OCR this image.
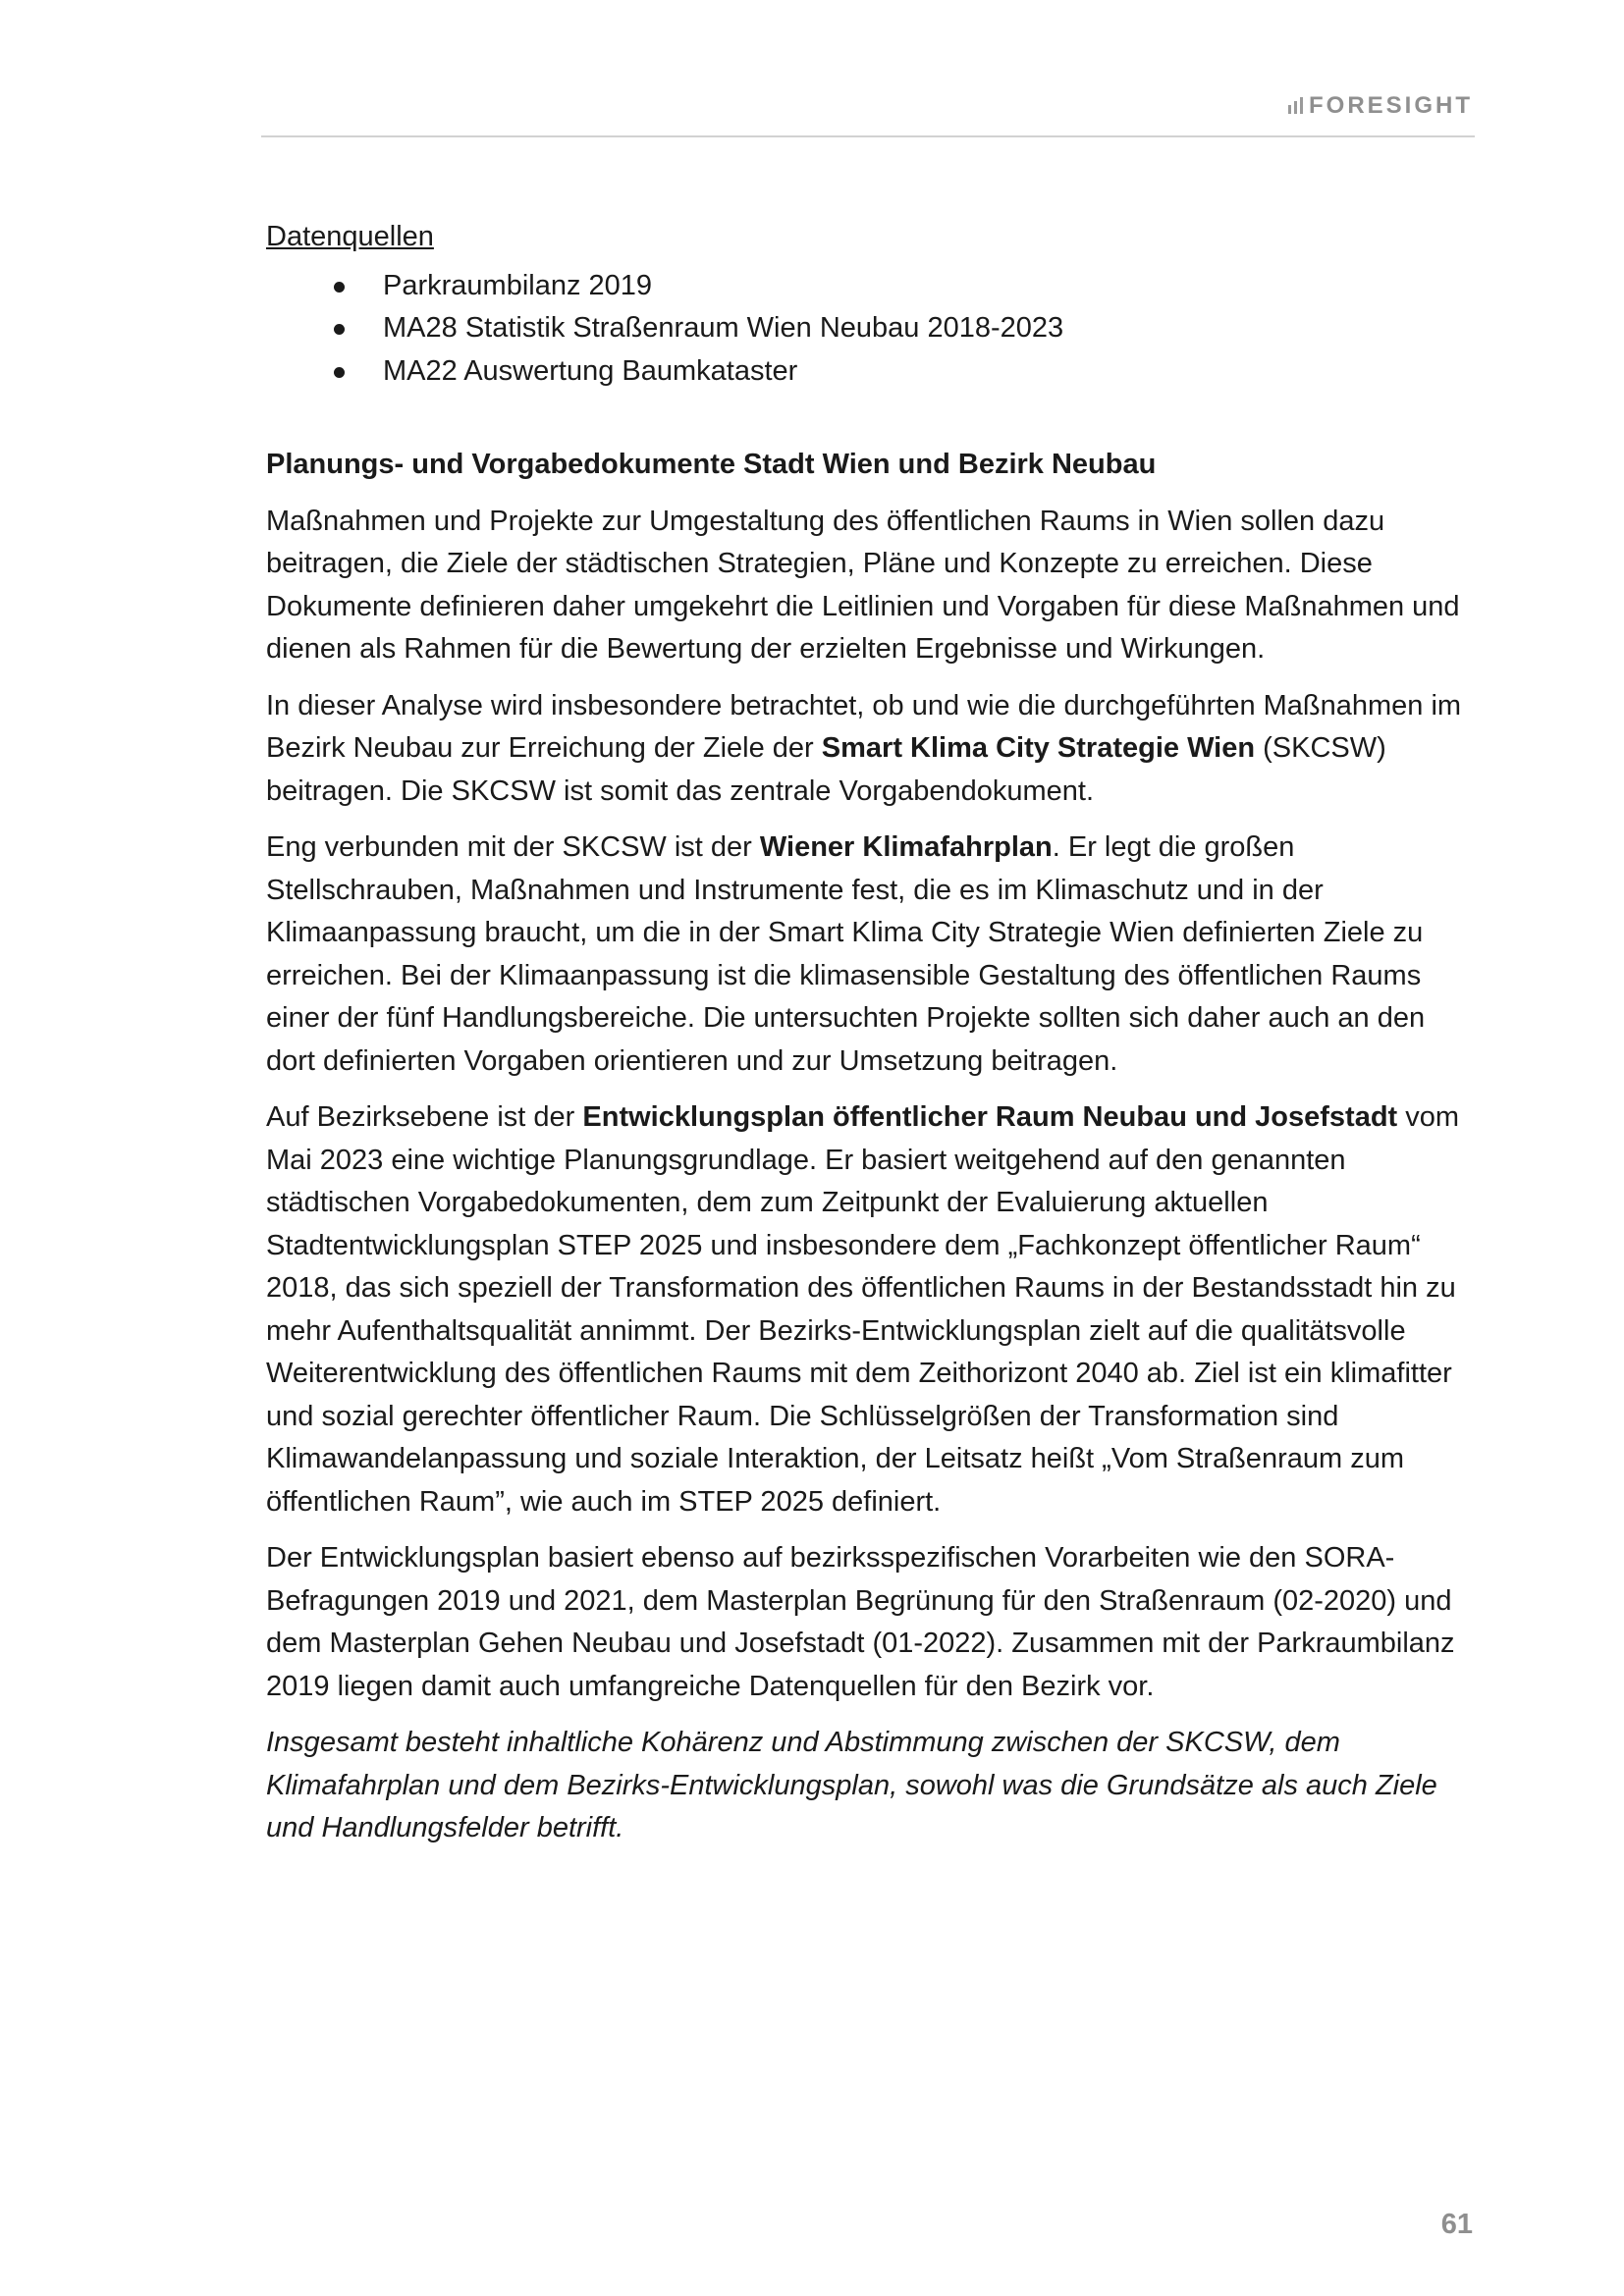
FORESIGHT

Datenquellen

Parkraumbilanz 2019
MA28 Statistik Straßenraum Wien Neubau 2018-2023
MA22 Auswertung Baumkataster

Planungs- und Vorgabedokumente Stadt Wien und Bezirk Neubau

Maßnahmen und Projekte zur Umgestaltung des öffentlichen Raums in Wien sollen dazu beitragen, die Ziele der städtischen Strategien, Pläne und Konzepte zu erreichen. Diese Dokumente definieren daher umgekehrt die Leitlinien und Vorgaben für diese Maßnahmen und dienen als Rahmen für die Bewertung der erzielten Ergebnisse und Wirkungen.

In dieser Analyse wird insbesondere betrachtet, ob und wie die durchgeführten Maßnahmen im Bezirk Neubau zur Erreichung der Ziele der Smart Klima City Strategie Wien (SKCSW) beitragen. Die SKCSW ist somit das zentrale Vorgabendokument.

Eng verbunden mit der SKCSW ist der Wiener Klimafahrplan. Er legt die großen Stellschrauben, Maßnahmen und Instrumente fest, die es im Klimaschutz und in der Klimaanpassung braucht, um die in der Smart Klima City Strategie Wien definierten Ziele zu erreichen. Bei der Klimaanpassung ist die klimasensible Gestaltung des öffentlichen Raums einer der fünf Handlungsbereiche. Die untersuchten Projekte sollten sich daher auch an den dort definierten Vorgaben orientieren und zur Umsetzung beitragen.

Auf Bezirksebene ist der Entwicklungsplan öffentlicher Raum Neubau und Josefstadt vom Mai 2023 eine wichtige Planungsgrundlage. Er basiert weitgehend auf den genannten städtischen Vorgabedokumenten, dem zum Zeitpunkt der Evaluierung aktuellen Stadtentwicklungsplan STEP 2025 und insbesondere dem „Fachkonzept öffentlicher Raum“ 2018, das sich speziell der Transformation des öffentlichen Raums in der Bestandsstadt hin zu mehr Aufenthaltsqualität annimmt. Der Bezirks-Entwicklungsplan zielt auf die qualitätsvolle Weiterentwicklung des öffentlichen Raums mit dem Zeithorizont 2040 ab. Ziel ist ein klimafitter und sozial gerechter öffentlicher Raum. Die Schlüsselgrößen der Transformation sind Klimawandelanpassung und soziale Interaktion, der Leitsatz heißt „Vom Straßenraum zum öffentlichen Raum”, wie auch im STEP 2025 definiert.

Der Entwicklungsplan basiert ebenso auf bezirksspezifischen Vorarbeiten wie den SORA-Befragungen 2019 und 2021, dem Masterplan Begrünung für den Straßenraum (02-2020) und dem Masterplan Gehen Neubau und Josefstadt (01-2022). Zusammen mit der Parkraumbilanz 2019 liegen damit auch umfangreiche Datenquellen für den Bezirk vor.

Insgesamt besteht inhaltliche Kohärenz und Abstimmung zwischen der SKCSW, dem Klimafahrplan und dem Bezirks-Entwicklungsplan, sowohl was die Grundsätze als auch Ziele und Handlungsfelder betrifft.

61
